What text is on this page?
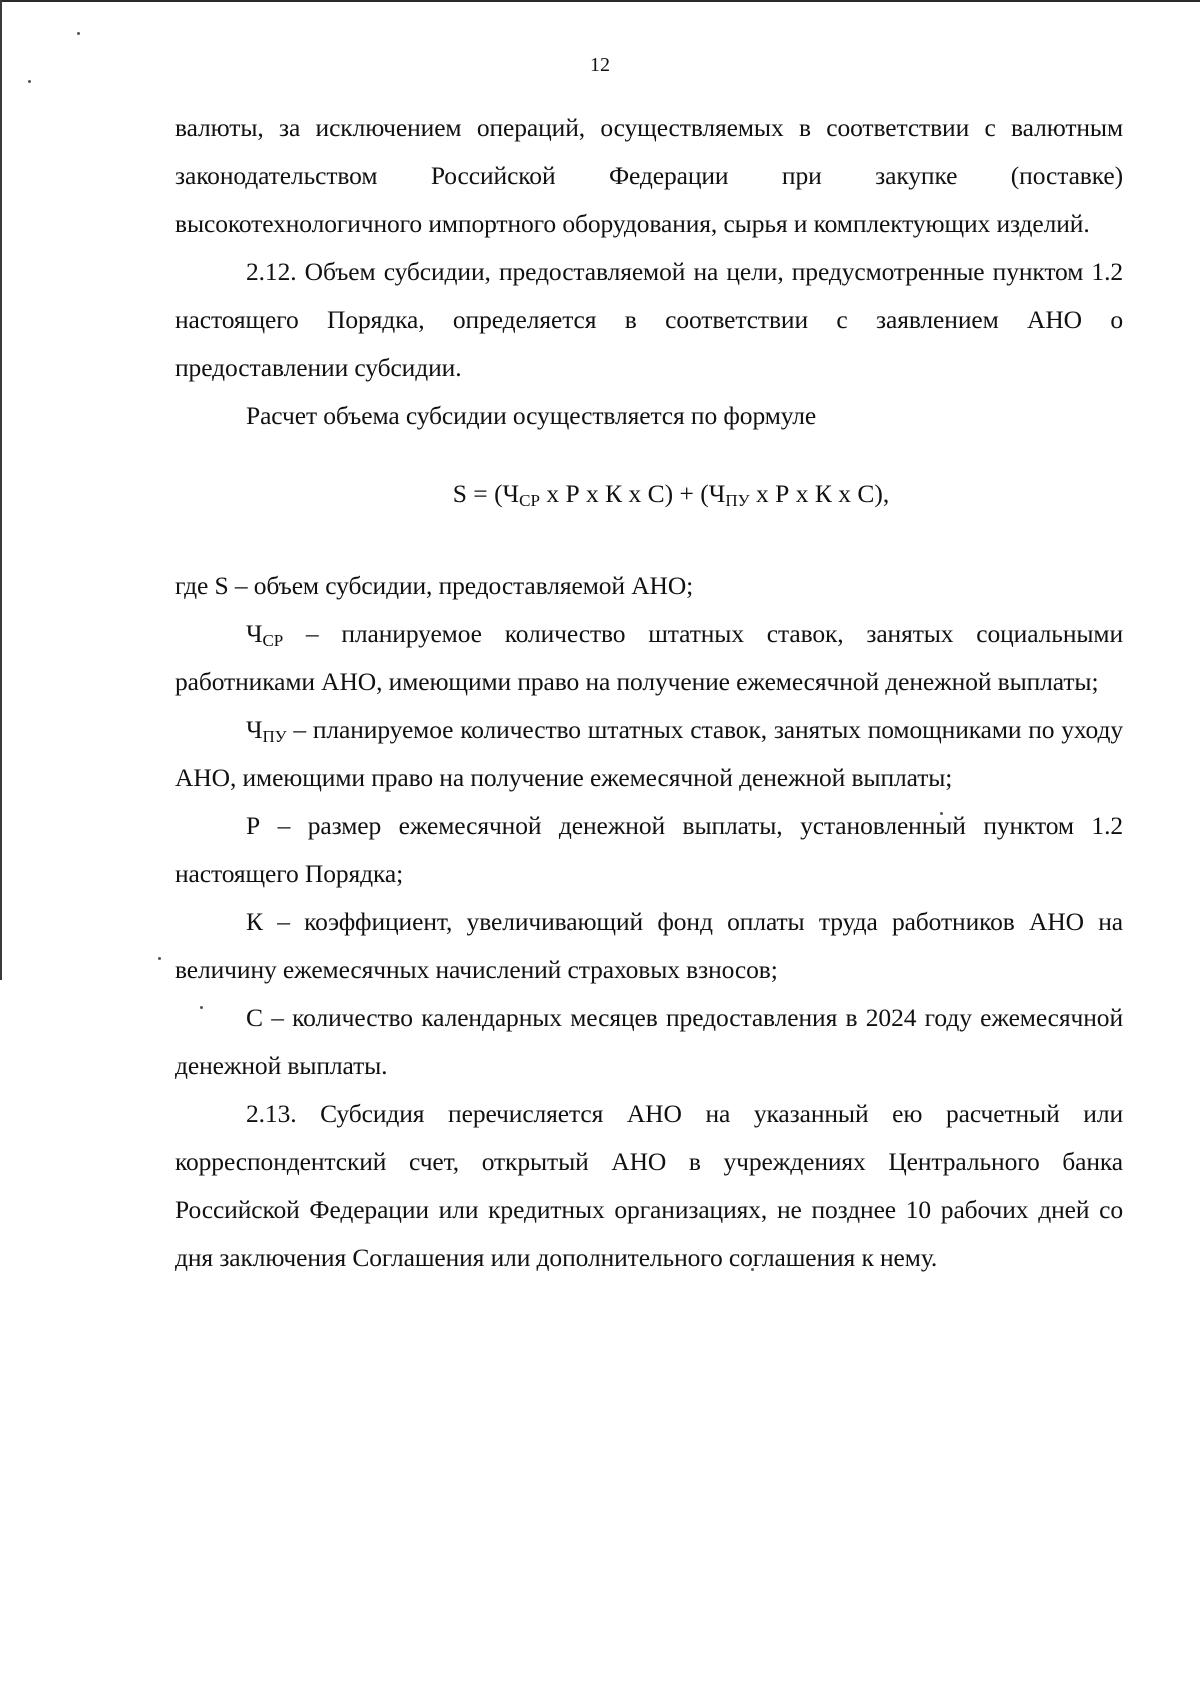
12

валюты, за исключением операций, осуществляемых в соответствии с валютным законодательством Российской Федерации при закупке (поставке) высокотехнологичного импортного оборудования, сырья и комплектующих изделий.

2.12. Объем субсидии, предоставляемой на цели, предусмотренные пунктом 1.2 настоящего Порядка, определяется в соответствии с заявлением АНО о предоставлении субсидии.

Расчет объема субсидии осуществляется по формуле

$S = (Ч_{СР}$ x Р x К x $С) + (Ч_{ПУ}$ x Р x К x С),

где S – объем субсидии, предоставляемой АНО;

ЧСР – планируемое количество штатных ставок, занятых социальными работниками АНО, имеющими право на получение ежемесячной денежной выплаты;

ЧПУ – планируемое количество штатных ставок, занятых помощниками по уходу АНО, имеющими право на получение ежемесячной денежной выплаты;

Р – размер ежемесячной денежной выплаты, установленный пунктом 1.2 настоящего Порядка;

К – коэффициент, увеличивающий фонд оплаты труда работников АНО на величину ежемесячных начислений страховых взносов;

С – количество календарных месяцев предоставления в 2024 году ежемесячной денежной выплаты.

2.13. Субсидия перечисляется АНО на указанный ею расчетный или корреспондентский счет, открытый АНО в учреждениях Центрального банка Российской Федерации или кредитных организациях, не позднее 10 рабочих дней со дня заключения Соглашения или дополнительного соглашения к нему.
